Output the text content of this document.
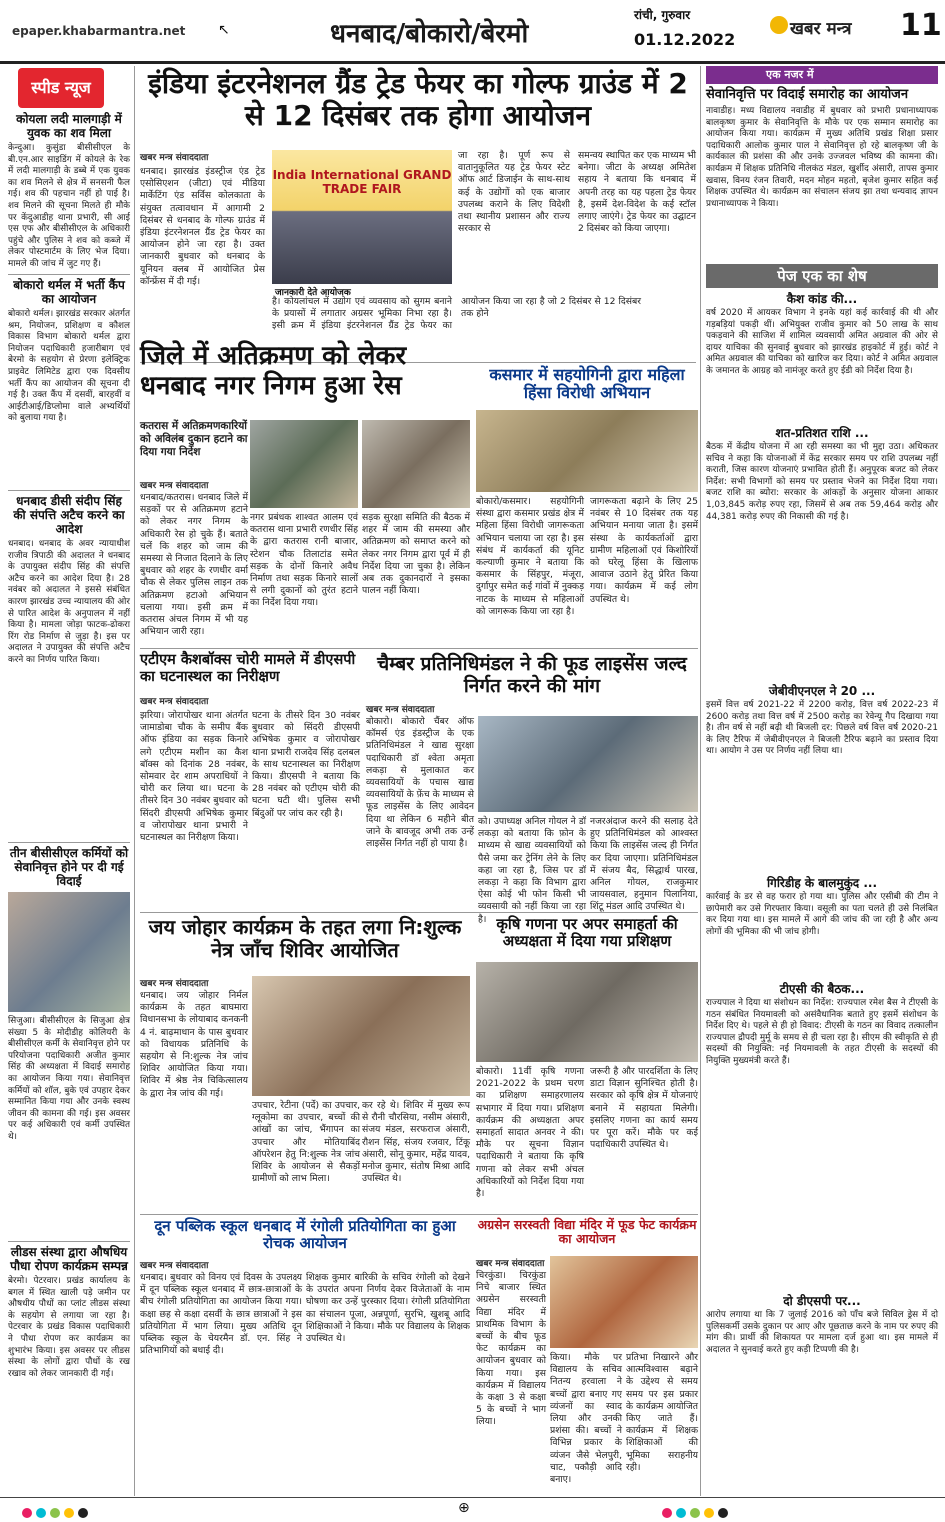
epaper.khabarmantra.net ↖	धनबाद/बोकारो/बेरमो
रांची, गुरुवार
01.12.2022
खबर मन्त्र 11
स्पीड न्यूज
कोयला लदी मालगाड़ी में युवक का शव मिला
केन्दुआ। कुसुंडा बीसीसीएल के बी.एन.आर साइडिंग में कोयले के रेक में लदी मालगाड़ी के डब्बे में एक युवक का शव मिलने से क्षेत्र में सनसनी फैल गई। शव की पहचान नहीं हो पाई है। शव मिलने की सूचना मिलते ही मौके पर केंदुआडीह थाना प्रभारी, सी आई एस एफ और बीसीसीएल के अधिकारी पहुंचे और पुलिस ने शव को कब्जे में लेकर पोस्टमार्टम के लिए भेज दिया। मामले की जांच में जुट गए हैं।
बोकारो थर्मल में भर्ती कैंप का आयोजन
बोकारो थर्मल। झारखंड सरकार अंतर्गत श्रम, नियोजन, प्रशिक्षण व कौशल विकास विभाग बोकारो थर्मल द्वारा नियोजन पदाधिकारी हजारीबाग एवं बेरमो के सहयोग से प्रेरणा इलेक्ट्रिक प्राइवेट लिमिटेड द्वारा एक दिवसीय भर्ती कैंप का आयोजन की सूचना दी गई है। उक्त कैंप में दसवीं, बारहवीं व आईटीआई/डिप्लोमा वाले अभ्यर्थियों को बुलाया गया है।
धनबाद डीसी संदीप सिंह की संपत्ति अटैच करने का आदेश
धनबाद। धनबाद के अवर न्यायाधीश राजीव त्रिपाठी की अदालत ने धनबाद के उपायुक्त संदीप सिंह की संपत्ति अटैच करने का आदेश दिया है। 28 नवंबर को अदालत ने इससे संबंधित कारण झारखंड उच्च न्यायालय की ओर से पारित आदेश के अनुपालन में नहीं किया है। मामला जोड़ा फाटक-ढोकरा रिंग रोड निर्माण से जुड़ा है। इस पर अदालत ने उपायुक्त की संपत्ति अटैच करने का निर्णय पारित किया।
तीन बीसीसीएल कर्मियों को सेवानिवृत्त होने पर दी गई विदाई
सिजुआ। बीसीसीएल के सिजुआ क्षेत्र संख्या 5 के मोदीडीह कोलियरी के बीसीसीएल कर्मी के सेवानिवृत्त होने पर परियोजना पदाधिकारी अजीत कुमार सिंह की अध्यक्षता में विदाई समारोह का आयोजन किया गया। सेवानिवृत्त कर्मियों को शॉल, बुके एवं उपहार देकर सम्मानित किया गया और उनके स्वस्थ जीवन की कामना की गई। इस अवसर पर कई अधिकारी एवं कर्मी उपस्थित थे।
लीडस संस्था द्वारा औषधिय पौधा रोपण कार्यक्रम सम्पन्न
बेरमो। पेटरवार। प्रखंड कार्यालय के बगल में स्थित खाली पड़े जमीन पर औषधीय पौधों का प्लांट लीडस संस्था के सहयोग से लगाया जा रहा है। पेटरवार के प्रखंड विकास पदाधिकारी ने पौधा रोपण कर कार्यक्रम का शुभारंभ किया। इस अवसर पर लीडस संस्था के लोगों द्वारा पौधों के रख रखाव को लेकर जानकारी दी गई।
इंडिया इंटरनेशनल ग्रैंड ट्रेड फेयर का गोल्फ ग्राउंड में 2 से 12 दिसंबर तक होगा आयोजन
खबर मन्त्र संवाददाता
धनबाद। झारखंड इंडस्ट्रीज एंड ट्रेड एसोसिएशन (जीटा) एवं मीडिया मार्केटिंग एंड सर्विस कोलकाता के संयुक्त तत्वावधान में आगामी 2 दिसंबर से धनबाद के गोल्फ ग्राउंड में इंडिया इंटरनेशनल ग्रैंड ट्रेड फेयर का आयोजन होने जा रहा है। उक्त जानकारी बुधवार को धनबाद के यूनियन क्लब में आयोजित प्रेस कॉन्फ्रेंस में दी गई।
India International GRAND TRADE FAIR
जानकारी देते आयोजक
है। कोयलांचल में उद्योग एवं व्यवसाय को सुगम बनाने के प्रयासों में लगातार अग्रसर भूमिका निभा रहा है। इसी क्रम में इंडिया इंटरनेशनल ग्रैंड ट्रेड फेयर का आयोजन किया जा रहा है जो 2 दिसंबर से 12 दिसंबर तक होने
जा रहा है। पूर्ण रूप से वातानुकूलित यह ट्रेड फेयर स्टेट ऑफ आर्ट डिजाईन के साथ-साथ कई के उद्योगों को एक बाजार उपलब्ध कराने के लिए विदेशी तथा स्थानीय प्रशासन और राज्य सरकार से
समन्वय स्थापित कर एक माध्यम भी बनेगा। जीटा के अध्यक्ष अमितेश सहाय ने बताया कि धनबाद में अपनी तरह का यह पहला ट्रेड फेयर है, इसमें देश-विदेश के कई स्टॉल लगाए जाएंगे। ट्रेड फेयर का उद्घाटन 2 दिसंबर को किया जाएगा।
जिले में अतिक्रमण को लेकर धनबाद नगर निगम हुआ रेस
कतरास में अतिक्रमणकारियों को अविलंब दुकान हटाने का दिया गया निर्देश
खबर मन्त्र संवाददाता
धनबाद/कतरास। धनबाद जिले में सड़कों पर से अतिक्रमण हटाने को लेकर नगर निगम के अधिकारी रेस हो चुके हैं। बताते चलें कि शहर को जाम की समस्या से निजात दिलाने के लिए बुधवार को शहर के रणधीर वर्मा चौक से लेकर पुलिस लाइन तक अतिक्रमण हटाओ अभियान चलाया गया। इसी क्रम में कतरास अंचल निगम में भी यह अभियान जारी रहा।
नगर प्रबंधक शाश्वत आलम एवं कतरास थाना प्रभारी रणधीर सिंह के द्वारा कतरास रानी बाजार, स्टेशन चौक तिलाटांड समेत सड़क के दोनों किनारे अवैध निर्माण तथा सड़क किनारे सालों से लगी दुकानों को तुरंत हटाने का निर्देश दिया गया।
सड़क सुरक्षा समिति की बैठक में शहर में जाम की समस्या और अतिक्रमण को समाप्त करने को लेकर नगर निगम द्वारा पूर्व में ही निर्देश दिया जा चुका है। लेकिन अब तक दुकानदारों ने इसका पालन नहीं किया।
कसमार में सहयोगिनी द्वारा महिला हिंसा विरोधी अभियान
बोकारो/कसमार। सहयोगिनी संस्था द्वारा कसमार प्रखंड क्षेत्र में महिला हिंसा विरोधी जागरूकता अभियान चलाया जा रहा है। इस संबंध में कार्यकर्ता की यूनिट कल्याणी कुमार ने बताया कि कसमार के सिंहपुर, मंजूरा, दुर्गापुर समेत कई गांवों में नुक्कड़ नाटक के माध्यम से महिलाओं को जागरूक किया जा रहा है।
जागरूकता बढ़ाने के लिए 25 नवंबर से 10 दिसंबर तक यह अभियान मनाया जाता है। इसमें संस्था के कार्यकर्ताओं द्वारा ग्रामीण महिलाओं एवं किशोरियों को घरेलू हिंसा के खिलाफ आवाज उठाने हेतु प्रेरित किया गया। कार्यक्रम में कई लोग उपस्थित थे।
एटीएम कैशबॉक्स चोरी मामले में डीएसपी का घटनास्थल का निरीक्षण
खबर मन्त्र संवाददाता
झरिया। जोरापोखर थाना अंतर्गत जामाडोबा चौक के समीप बैंक ऑफ इंडिया का सड़क किनारे लगे एटीएम मशीन का कैश बॉक्स को दिनांक 28 नवंबर, सोमवार देर शाम अपराधियों ने चोरी कर लिया था। घटना के तीसरे दिन 30 नवंबर बुधवार को सिंदरी डीएसपी अभिषेक कुमार व जोरापोखर थाना प्रभारी ने घटनास्थल का निरीक्षण किया।
घटना के तीसरे दिन 30 नवंबर बुधवार को सिंदरी डीएसपी अभिषेक कुमार व जोरापोखर थाना प्रभारी राजदेव सिंह दलबल के साथ घटनास्थल का निरीक्षण किया। डीएसपी ने बताया कि 28 नवंबर को एटीएम चोरी की घटना घटी थी। पुलिस सभी बिंदुओं पर जांच कर रही है।
चैम्बर प्रतिनिधिमंडल ने की फूड लाइसेंस जल्द निर्गत करने की मांग
खबर मन्त्र संवाददाता
बोकारो। बोकारो चैंबर ऑफ कॉमर्स एंड इंडस्ट्रीज के एक प्रतिनिधिमंडल ने खाद्य सुरक्षा पदाधिकारी डॉ श्वेता अमृता लकड़ा से मुलाकात कर व्यवसायियों के पचास खाद्य व्यवसायियों के फ़ेंच के माध्यम से फूड लाइसेंस के लिए आवेदन दिया था लेकिन 6 महीने बीत जाने के बावजूद अभी तक उन्हें लाइसेंस निर्गत नहीं हो पाया है।
को। उपाध्यक्ष अनिल गोयल ने डॉ लकड़ा को बताया कि फ़ोन के माध्यम से खाद्य व्यवसायियों को पैसे जमा कर ट्रेनिंग लेने के लिए कहा जा रहा है, जिस पर डॉ लकड़ा ने कहा कि विभाग द्वारा ऐसा कोई भी फोन किसी भी व्यवसायी को नहीं किया जा रहा है।
नजरअंदाज करने की सलाह देते हुए प्रतिनिधिमंडल को आश्वस्त किया कि लाइसेंस जल्द ही निर्गत कर दिया जाएगा। प्रतिनिधिमंडल में संजय बैद, सिद्धार्थ पारख, अनिल गोयल, राजकुमार जायसवाल, हनुमान पिलानिया, शिंटू मंडल आदि उपस्थित थे।
जय जोहार कार्यक्रम के तहत लगा नि:शुल्क नेत्र जाँच शिविर आयोजित
खबर मन्त्र संवाददाता
धनबाद। जय जोहार निर्मल कार्यक्रम के तहत बाघमारा विधानसभा के लोयाबाद कनकनी 4 नं. बाढ़माधान के पास बुधवार को विधायक प्रतिनिधि के सहयोग से नि:शुल्क नेत्र जांच शिविर आयोजित किया गया। शिविर में श्रेष्ठ नेत्र चिकित्सालय के द्वारा नेत्र जांच की गई।
उपचार, रेटीना (पर्दे) का उपचार, ग्लूकोमा का उपचार, बच्चों की आंखों का जांच, भैंगापन का उपचार और मोतियाबिंद ऑपरेशन हेतु नि:शुल्क नेत्र जांच शिविर के आयोजन से सैकड़ों ग्रामीणों को लाभ मिला।
कर रहे थे। शिविर में मुख्य रूप से रौनी चौरसिया, नसीम अंसारी, संजय मंडल, सरफराज अंसारी, रौशन सिंह, संजय रजवार, टिंकू अंसारी, सोनू कुमार, महेंद्र यादव, मनोज कुमार, संतोष मिश्रा आदि उपस्थित थे।
कृषि गणना पर अपर समाहर्ता की अध्यक्षता में दिया गया प्रशिक्षण
बोकारो। 11वीं कृषि गणना 2021-2022 के प्रथम चरण का प्रशिक्षण समाहरणालय सभागार में दिया गया। प्रशिक्षण कार्यक्रम की अध्यक्षता अपर समाहर्ता सादात अनवर ने की। मौके पर सूचना विज्ञान पदाधिकारी ने बताया कि कृषि गणना को लेकर सभी अंचल अधिकारियों को निर्देश दिया गया है।
जरूरी है और पारदर्शिता के लिए डाटा विज्ञान सुनिश्चित होती है। सरकार को कृषि क्षेत्र में योजनाएं बनाने में सहायता मिलेगी। इसलिए गणना का कार्य समय पर पूरा करें। मौके पर कई पदाधिकारी उपस्थित थे।
दून पब्लिक स्कूल धनबाद में रंगोली प्रतियोगिता का हुआ रोचक आयोजन
खबर मन्त्र संवाददाता
धनबाद। बुधवार को विनय एवं दिवस के उपलक्ष्य में दून पब्लिक स्कूल धनबाद में छात्र-छात्राओं के बीच रंगोली प्रतियोगिता का आयोजन किया गया। कक्षा छह से कक्षा दसवीं के छात्र छात्राओं ने इस प्रतियोगिता में भाग लिया। मुख्य अतिथि दून पब्लिक स्कूल के चेयरमैन डॉ. एन. सिंह ने प्रतिभागियों को बधाई दी।
शिक्षक कुमार बारिकी के सचिव रंगोली को देखने के उपरांत अपना निर्णय देकर विजेताओं के नाम घोषणा कर उन्हें पुरस्कार दिया। रंगोली प्रतियोगिता का संचालन पूजा, अन्नपूर्णा, सुरभि, खुशबू आदि शिक्षिकाओं ने किया। मौके पर विद्यालय के शिक्षक उपस्थित थे।
अग्रसेन सरस्वती विद्या मंदिर में फूड फेट कार्यक्रम का आयोजन
खबर मन्त्र संवाददाता
चिरकुंडा। चिरकुंडा निचे बाजार स्थित अग्रसेन सरस्वती विद्या मंदिर में प्राथमिक विभाग के बच्चों के बीच फूड फेट कार्यक्रम का आयोजन बुधवार को किया गया। इस कार्यक्रम में विद्यालय के कक्षा 3 से कक्षा 5 के बच्चों ने भाग लिया।
किया। मौके पर विद्यालय के सचिव नितन्य हरवाला ने बच्चों द्वारा बनाए गए व्यंजनों का स्वाद लिया और उनकी प्रशंसा की। बच्चों ने विभिन्न प्रकार के व्यंजन जैसे भेलपुरी, चाट, पकौड़ी आदि बनाए।
प्रतिभा निखारने और आत्मविश्वास बढ़ाने के उद्देश्य से समय समय पर इस प्रकार के कार्यक्रम आयोजित किए जाते हैं। कार्यक्रम में शिक्षक शिक्षिकाओं की भूमिका सराहनीय रही।
एक नजर में
सेवानिवृत्ति पर विदाई समारोह का आयोजन
नावाडीह। मध्य विद्यालय नवाडीह में बुधवार को प्रभारी प्रधानाध्यापक बालकृष्ण कुमार के सेवानिवृत्ति के मौके पर एक सम्मान समारोह का आयोजन किया गया। कार्यक्रम में मुख्य अतिथि प्रखंड शिक्षा प्रसार पदाधिकारी आलोक कुमार पाल ने सेवानिवृत्त हो रहे बालकृष्ण जी के कार्यकाल की प्रशंसा की और उनके उज्जवल भविष्य की कामना की। कार्यक्रम में शिक्षक प्रतिनिधि नीलकंठ मंडल, खुर्शीद अंसारी, तापस कुमार खवास, विनय रंजन तिवारी, मदन मोहन महतो, बृजेश कुमार सहित कई शिक्षक उपस्थित थे। कार्यक्रम का संचालन संजय झा तथा धन्यवाद ज्ञापन प्रधानाध्यापक ने किया।
पेज एक का शेष
कैश कांड की...
वर्ष 2020 में आयकर विभाग ने इनके यहां कई कार्रवाई की थी और गड़बड़ियां पकड़ी थीं। अभियुक्त राजीव कुमार को 50 लाख के साथ पकड़वाने की साजिश में शामिल व्यवसायी अमित अग्रवाल की ओर से दायर याचिका की सुनवाई बुधवार को झारखंड हाइकोर्ट में हुई। कोर्ट ने अमित अग्रवाल की याचिका को खारिज कर दिया। कोर्ट ने अमित अग्रवाल के जमानत के आग्रह को नामंजूर करते हुए ईडी को निर्देश दिया है।
शत-प्रतिशत राशि ...
बैठक में केंद्रीय योजना में आ रही समस्या का भी मुद्दा उठा। अधिकतर सचिव ने कहा कि योजनाओं में केंद्र सरकार समय पर राशि उपलब्ध नहीं कराती, जिस कारण योजनाएं प्रभावित होती हैं। अनुपूरक बजट को लेकर निर्देश: सभी विभागों को समय पर प्रस्ताव भेजने का निर्देश दिया गया। बजट राशि का ब्योरा: सरकार के आंकड़ों के अनुसार योजना आकार 1,03,845 करोड़ रुपए रहा, जिसमें से अब तक 59,464 करोड़ और 44,381 करोड़ रुपए की निकासी की गई है।
जेबीवीएनएल ने 20 ...
इसमें वित्त वर्ष 2021-22 में 2200 करोड़, वित्त वर्ष 2022-23 में 2600 करोड़ तथा वित्त वर्ष में 2500 करोड़ का रेवेन्यू गैप दिखाया गया है। तीन वर्ष से नहीं बढ़ी थी बिजली दर: पिछले वर्ष वित्त वर्ष 2020-21 के लिए टैरिफ में जेबीवीएनएल ने बिजली टैरिफ बढ़ाने का प्रस्ताव दिया था। आयोग ने उस पर निर्णय नहीं लिया था।
गिरिडीह के बालमुकुंद ...
कार्रवाई के डर से वह फरार हो गया था। पुलिस और एसीबी की टीम ने छापेमारी कर उसे गिरफ्तार किया। वसूली का पता चलते ही उसे निलंबित कर दिया गया था। इस मामले में आगे की जांच की जा रही है और अन्य लोगों की भूमिका की भी जांच होगी।
टीएसी की बैठक...
राज्यपाल ने दिया था संशोधन का निर्देश: राज्यपाल रमेश बैस ने टीएसी के गठन संबंधित नियमावली को असंवैधानिक बताते हुए इसमें संशोधन के निर्देश दिए थे। पहले से ही हो विवाद: टीएसी के गठन का विवाद तत्कालीन राज्यपाल द्रौपदी मुर्मू के समय से ही चला रहा है। सीएम की स्वीकृति से ही सदस्यों की नियुक्ति: नई नियमावली के तहत टीएसी के सदस्यों की नियुक्ति मुख्यमंत्री करते हैं।
दो डीएसपी पर...
आरोप लगाया था कि 7 जुलाई 2016 को पाँच बजे सिविल ड्रेस में दो पुलिसकर्मी उसके दुकान पर आए और पूछताछ करने के नाम पर रुपए की मांग की। प्रार्थी की शिकायत पर मामला दर्ज हुआ था। इस मामले में अदालत ने सुनवाई करते हुए कड़ी टिप्पणी की है।
⊕
